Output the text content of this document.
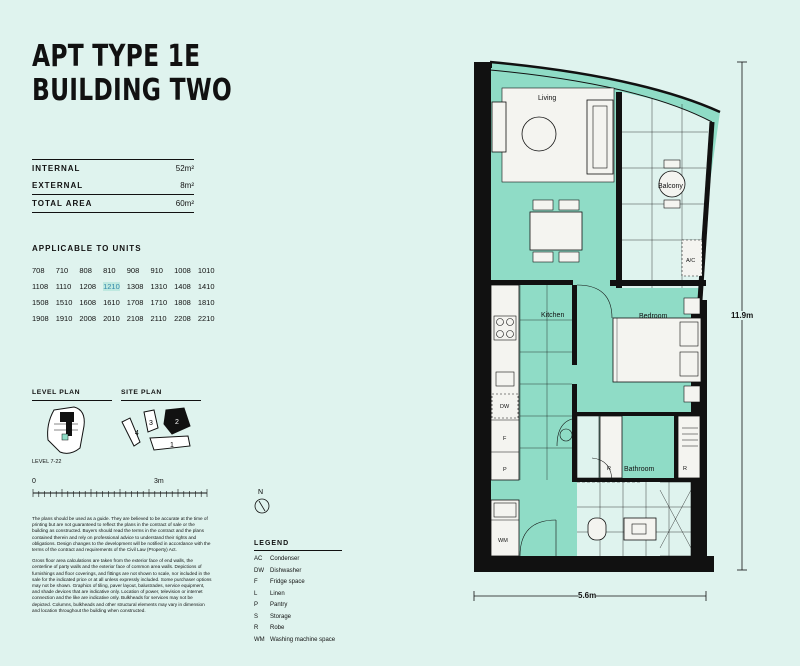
APT TYPE 1E
BUILDING TWO
INTERNAL	52m²
EXTERNAL	8m²
TOTAL AREA	60m²
APPLICABLE TO UNITS
708	710	808	810	908	910	1008 1010
1108 1110 1208 1210 1308 1310 1408 1410
1508 1510 1608 1610 1708 1710 1808 1810
1908 1910 2008 2010 2108 2110 2208 2210
LEVEL PLAN	SITE PLAN
LEVEL 7-22
4
3	2
1
0	3m

The plans should be used as a guide. They are believed to be accurate at the time of printing but are not guaranteed to reflect the plans in the contract of sale or the building as constructed. Buyers should read the terms in the contract and the plans contained therein and rely on professional advice to understand their rights and obligations. Design changes to the development will be notified in accordance with the terms of the contract and requirements of the Civil Law (Property) Act.

Gross floor area calculations are taken from the exterior face of end walls, the centerline of party walls and the exterior face of common area walls. Depictions of furnishings and floor coverings, and fittings are not shown to scale, nor included in the sale for the indicated price or at all unless expressly included. Some purchaser options may not be shown. Graphics of tiling, paver layout, balustrades, service equipment, and shade devices that are indicative only. Location of power, television or internet connection and the like are indicative only. Bulkheads for services may not be depicted. Columns, bulkheads and other structural elements may vary in dimension and location throughout the building when constructed.

N
LEGEND
AC	Condenser
DW	Dishwasher
F	Fridge space
L	Linen
P	Pantry
S	Storage
R	Robe
WM Washing machine space
Living
Balcony
Kitchen	Bedroom
Bathroom
A/C
DW
F
P
WM
R	R
11.9m
5.6m
